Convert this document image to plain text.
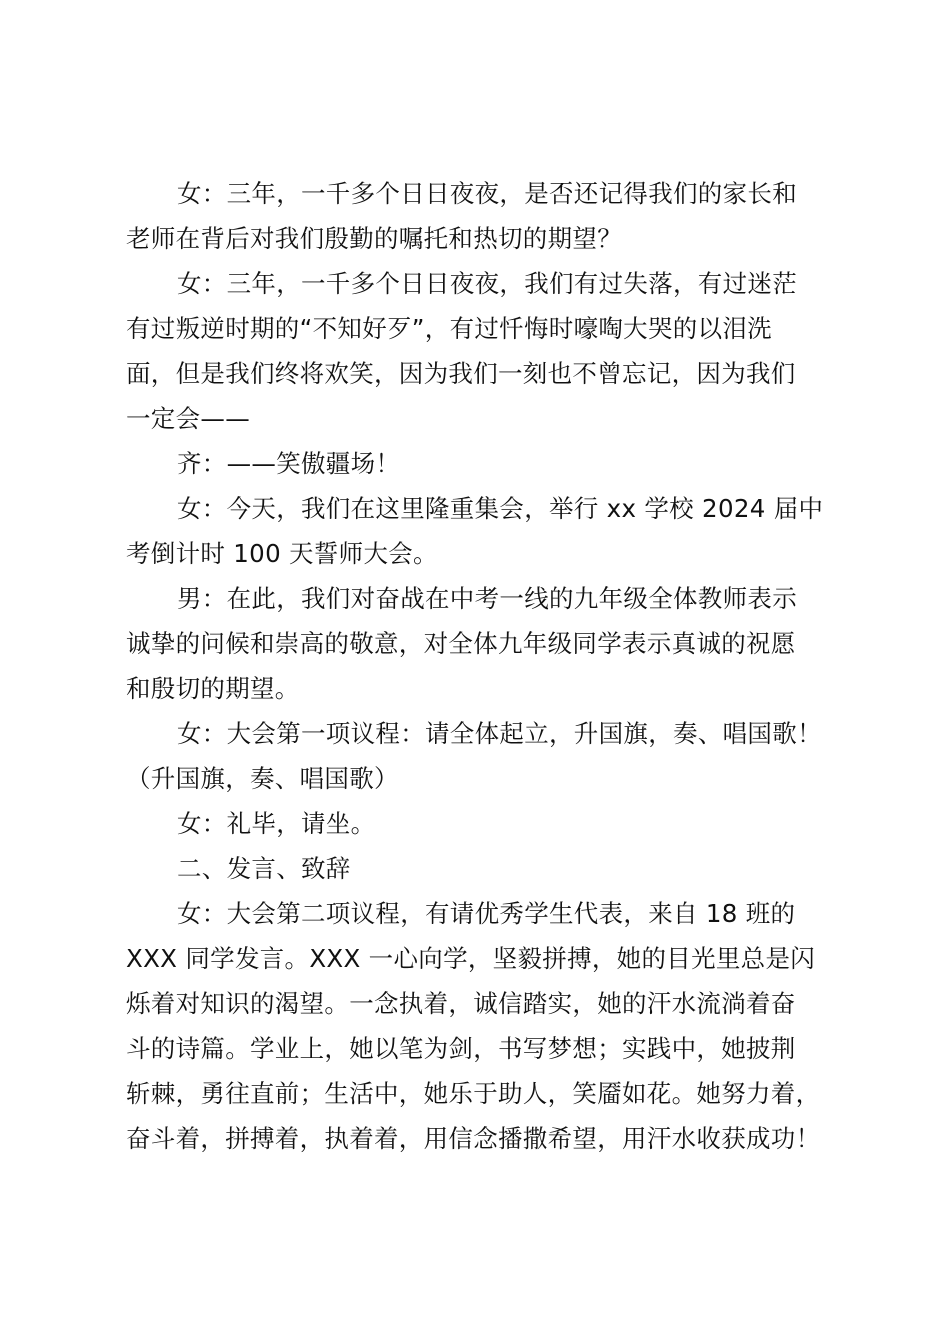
女：三年，一千多个日日夜夜，是否还记得我们的家长和
老师在背后对我们殷勤的嘱托和热切的期望？

女：三年，一千多个日日夜夜，我们有过失落，有过迷茫
有过叛逆时期的“不知好歹”，有过忏悔时嚎啕大哭的以泪洗
面，但是我们终将欢笑，因为我们一刻也不曾忘记，因为我们
一定会——

齐：——笑傲疆场！

女：今天，我们在这里隆重集会，举行 xx 学校 2024 届中
考倒计时 100 天誓师大会。

男：在此，我们对奋战在中考一线的九年级全体教师表示
诚挚的问候和崇高的敬意，对全体九年级同学表示真诚的祝愿
和殷切的期望。

女：大会第一项议程：请全体起立，升国旗，奏、唱国歌！

（升国旗，奏、唱国歌）

女：礼毕，请坐。

二、发言、致辞

女：大会第二项议程，有请优秀学生代表，来自 18 班的
XXX 同学发言。XXX 一心向学，坚毅拼搏，她的目光里总是闪
烁着对知识的渴望。一念执着，诚信踏实，她的汗水流淌着奋
斗的诗篇。学业上，她以笔为剑，书写梦想；实践中，她披荆
斩棘，勇往直前；生活中，她乐于助人，笑靥如花。她努力着，
奋斗着，拼搏着，执着着，用信念播撒希望，用汗水收获成功！
